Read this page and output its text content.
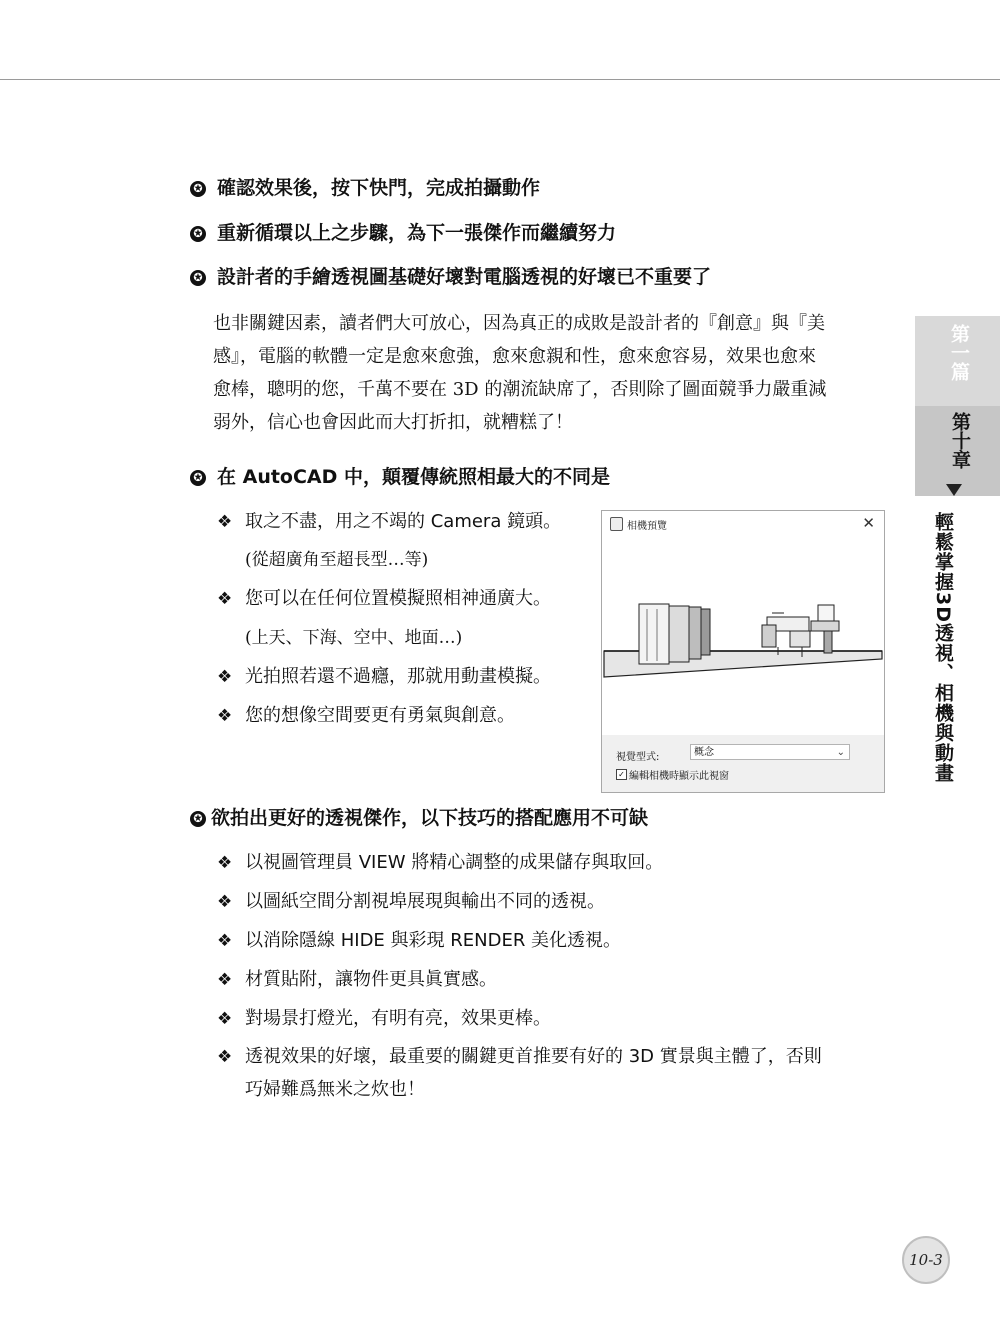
✪ 確認效果後，按下快門，完成拍攝動作
✪ 重新循環以上之步驟，為下一張傑作而繼續努力
✪ 設計者的手繪透視圖基礎好壞對電腦透視的好壞已不重要了
也非關鍵因素，讀者們大可放心，因為真正的成敗是設計者的『創意』與『美
感』，電腦的軟體一定是愈來愈強，愈來愈親和性，愈來愈容易，效果也愈來
愈棒，聰明的您，千萬不要在 3D 的潮流缺席了，否則除了圖面競爭力嚴重減
弱外，信心也會因此而大打折扣，就糟糕了！
✪ 在 AutoCAD 中，顛覆傳統照相最大的不同是
❖ 取之不盡，用之不竭的 Camera 鏡頭。
(從超廣角至超長型…等)
❖ 您可以在任何位置模擬照相神通廣大。
(上天、下海、空中、地面…)
❖ 光拍照若還不過癮，那就用動畫模擬。
❖ 您的想像空間要更有勇氣與創意。
相機預覽	✕
視覺型式:	概念	⌄
✓ 編輯相機時顯示此視窗
✪ 欲拍出更好的透視傑作，以下技巧的搭配應用不可缺
❖ 以視圖管理員 VIEW 將精心調整的成果儲存與取回。
❖ 以圖紙空間分割視埠展現與輸出不同的透視。
❖ 以消除隱線 HIDE 與彩現 RENDER 美化透視。
❖ 材質貼附，讓物件更具眞實感。
❖ 對場景打燈光，有明有亮，效果更棒。
❖ 透視效果的好壞，最重要的關鍵更首推要有好的 3D 實景與主體了，否則
巧婦難爲無米之炊也！
第一篇
第十章
輕鬆掌握3D透視、相機與動畫
10-3
